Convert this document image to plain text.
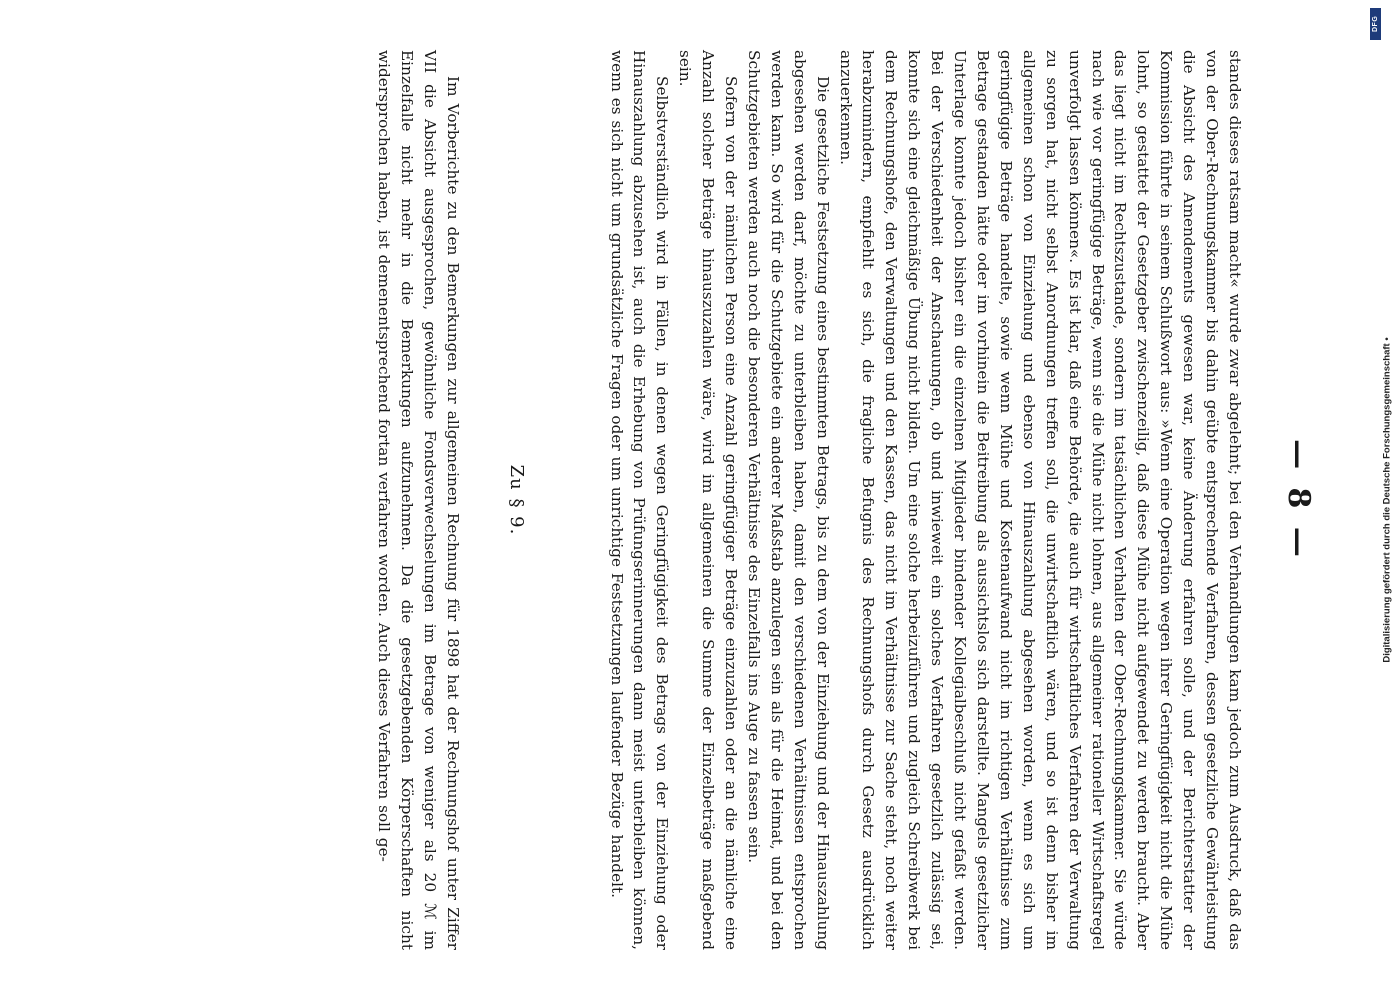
— 8 —

standes dieses ratsam macht« wurde zwar abgelehnt; bei den Verhandlungen kam jedoch zum Ausdruck, daß das von der Ober-Rechnungskammer bis dahin geübte entsprechende Verfahren, dessen gesetzliche Gewährleistung die Absicht des Amendements gewesen war, keine Änderung erfahren solle, und der Berichterstatter der Kommission führte in seinem Schlußwort aus: »Wenn eine Operation wegen ihrer Geringfügigkeit nicht die Mühe lohnt, so gestattet der Gesetzgeber zwischenzeilig, daß diese Mühe nicht aufgewendet zu werden braucht. Aber das liegt nicht im Rechtszustande, sondern im tatsächlichen Verhalten der Ober-Rechnungskammer. Sie würde nach wie vor geringfügige Beträge, wenn sie die Mühe nicht lohnen, aus allgemeiner rationeller Wirtschaftsregel unverfolgt lassen können«. Es ist klar, daß eine Behörde, die auch für wirtschaftliches Verfahren der Verwaltung zu sorgen hat, nicht selbst Anordnungen treffen soll, die unwirtschaftlich wären, und so ist denn bisher im allgemeinen schon von Einziehung und ebenso von Hinauszahlung abgesehen worden, wenn es sich um geringfügige Beträge handelte, sowie wenn Mühe und Kostenaufwand nicht im richtigen Verhältnisse zum Betrage gestanden hätte oder im vorhinein die Beitreibung als aussichtslos sich darstellte. Mangels gesetzlicher Unterlage konnte jedoch bisher ein die einzelnen Mitglieder bindender Kollegialbeschluß nicht gefaßt werden. Bei der Verschiedenheit der Anschauungen, ob und inwieweit ein solches Verfahren gesetzlich zulässig sei, konnte sich eine gleichmäßige Übung nicht bilden. Um eine solche herbeizuführen und zugleich Schreibwerk bei dem Rechnungshofe, den Verwaltungen und den Kassen, das nicht im Verhältnisse zur Sache steht, noch weiter herabzumindern, empfiehlt es sich, die fragliche Befugnis des Rechnungshofs durch Gesetz ausdrücklich anzuerkennen.

Die gesetzliche Festsetzung eines bestimmten Betrags, bis zu dem von der Einziehung und der Hinauszahlung abgesehen werden darf, möchte zu unterbleiben haben, damit den verschiedenen Verhältnissen entsprochen werden kann. So wird für die Schutzgebiete ein anderer Maßstab anzulegen sein als für die Heimat, und bei den Schutzgebieten werden auch noch die besonderen Verhältnisse des Einzelfalls ins Auge zu fassen sein.

Sofern von der nämlichen Person eine Anzahl geringfügiger Beträge einzuzahlen oder an die nämliche eine Anzahl solcher Beträge hinauszuzahlen wäre, wird im allgemeinen die Summe der Einzelbeträge maßgebend sein.

Selbstverständlich wird in Fällen, in denen wegen Geringfügigkeit des Betrags von der Einziehung oder Hinauszahlung abzusehen ist, auch die Erhebung von Prüfungserinnerungen dann meist unterbleiben können, wenn es sich nicht um grundsätzliche Fragen oder um unrichtige Festsetzungen laufender Bezüge handelt.

Zu § 9.

Im Vorberichte zu den Bemerkungen zur allgemeinen Rechnung für 1898 hat der Rechnungshof unter Ziffer VII die Absicht ausgesprochen, gewöhnliche Fondsverwechselungen im Betrage von weniger als 20 ℳ im Einzelfalle nicht mehr in die Bemerkungen aufzunehmen. Da die gesetzgebenden Körperschaften nicht widersprochen haben, ist demenentsprechend fortan verfahren worden. Auch dieses Verfahren soll ge-

DFG
Digitalisierung gefördert durch die Deutsche Forschungsgemeinschaft •
